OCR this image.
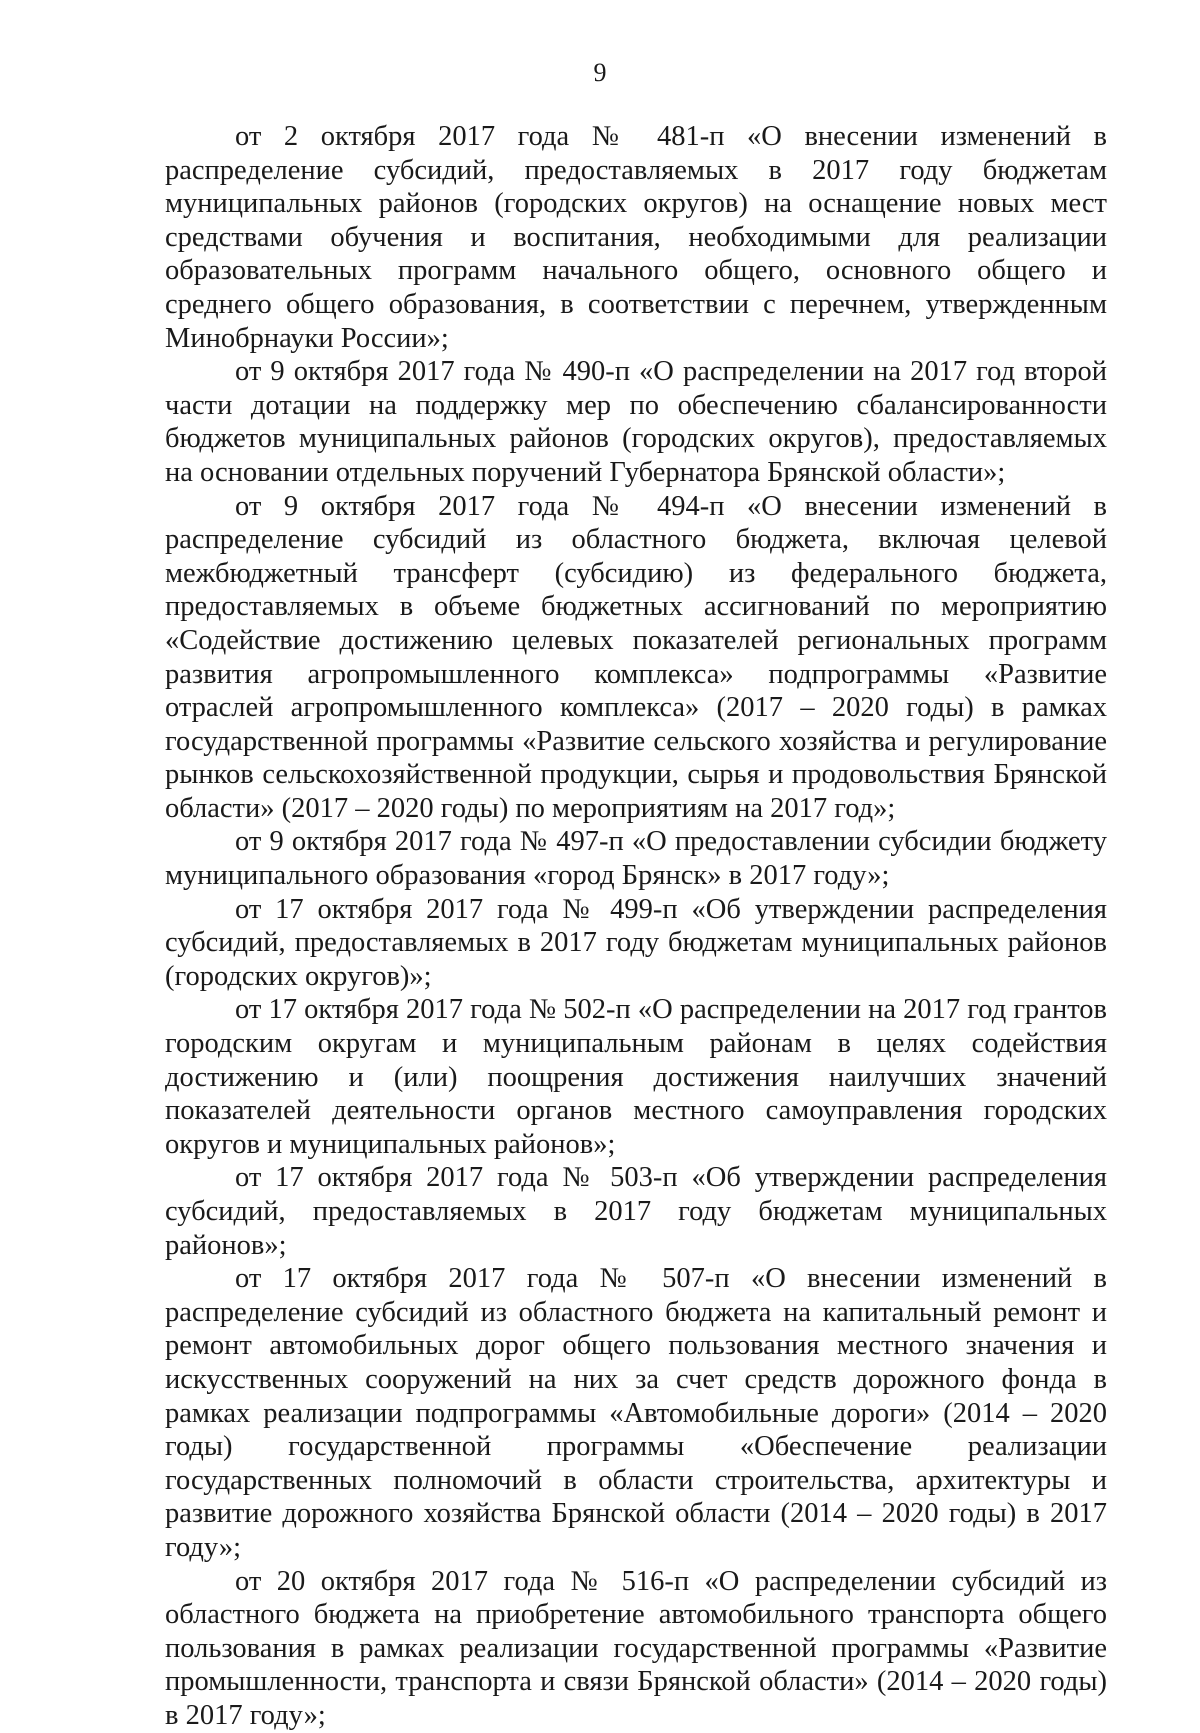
9

от 2 октября 2017 года № 481-п «О внесении изменений в распределение субсидий, предоставляемых в 2017 году бюджетам муниципальных районов (городских округов) на оснащение новых мест средствами обучения и воспитания, необходимыми для реализации образовательных программ начального общего, основного общего и среднего общего образования, в соответствии с перечнем, утвержденным Минобрнауки России»;

от 9 октября 2017 года № 490-п «О распределении на 2017 год второй части дотации на поддержку мер по обеспечению сбалансированности бюджетов муниципальных районов (городских округов), предоставляемых на основании отдельных поручений Губернатора Брянской области»;

от 9 октября 2017 года № 494-п «О внесении изменений в распределение субсидий из областного бюджета, включая целевой межбюджетный трансферт (субсидию) из федерального бюджета, предоставляемых в объеме бюджетных ассигнований по мероприятию «Содействие достижению целевых показателей региональных программ развития агропромышленного комплекса» подпрограммы «Развитие отраслей агропромышленного комплекса» (2017 – 2020 годы) в рамках государственной программы «Развитие сельского хозяйства и регулирование рынков сельскохозяйственной продукции, сырья и продовольствия Брянской области» (2017 – 2020 годы) по мероприятиям на 2017 год»;

от 9 октября 2017 года № 497-п «О предоставлении субсидии бюджету муниципального образования «город Брянск» в 2017 году»;

от 17 октября 2017 года № 499-п «Об утверждении распределения субсидий, предоставляемых в 2017 году бюджетам муниципальных районов (городских округов)»;

от 17 октября 2017 года № 502-п «О распределении на 2017 год грантов городским округам и муниципальным районам в целях содействия достижению и (или) поощрения достижения наилучших значений показателей деятельности органов местного самоуправления городских округов и муниципальных районов»;

от 17 октября 2017 года № 503-п «Об утверждении распределения субсидий, предоставляемых в 2017 году бюджетам муниципальных районов»;

от 17 октября 2017 года № 507-п «О внесении изменений в распределение субсидий из областного бюджета на капитальный ремонт и ремонт автомобильных дорог общего пользования местного значения и искусственных сооружений на них за счет средств дорожного фонда в рамках реализации подпрограммы «Автомобильные дороги» (2014 – 2020 годы) государственной программы «Обеспечение реализации государственных полномочий в области строительства, архитектуры и развитие дорожного хозяйства Брянской области (2014 – 2020 годы) в 2017 году»;

от 20 октября 2017 года № 516-п «О распределении субсидий из областного бюджета на приобретение автомобильного транспорта общего пользования в рамках реализации государственной программы «Развитие промышленности, транспорта и связи Брянской области» (2014 – 2020 годы) в 2017 году»;
